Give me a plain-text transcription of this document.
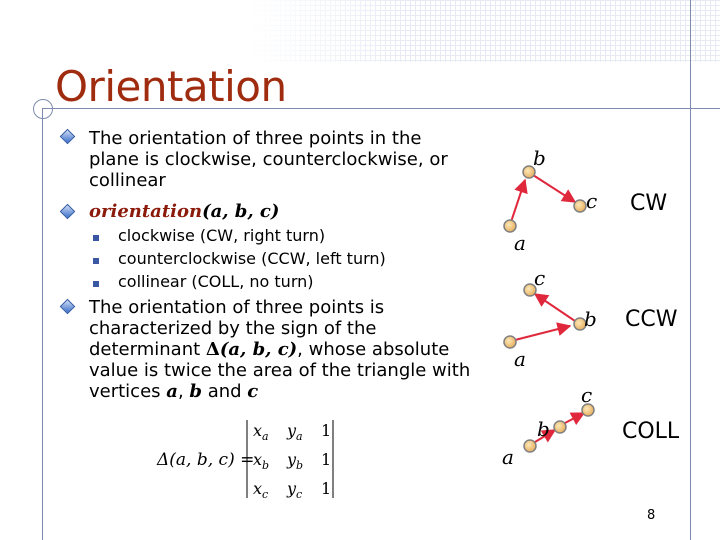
Orientation
The orientation of three points in the
plane is clockwise, counterclockwise, or
collinear
orientation(a, b, c)
clockwise (CW, right turn)
counterclockwise (CCW, left turn)
collinear (COLL, no turn)
The orientation of three points is
characterized by the sign of the
determinant Δ(a, b, c), whose absolute
value is twice the area of the triangle with
vertices a, b and c
Δ(a, b, c) =
x a y a 1
x b y b 1
x c y c 1
a
b
c CW
a
b
c
CCW
a
b
c
COLL
8
